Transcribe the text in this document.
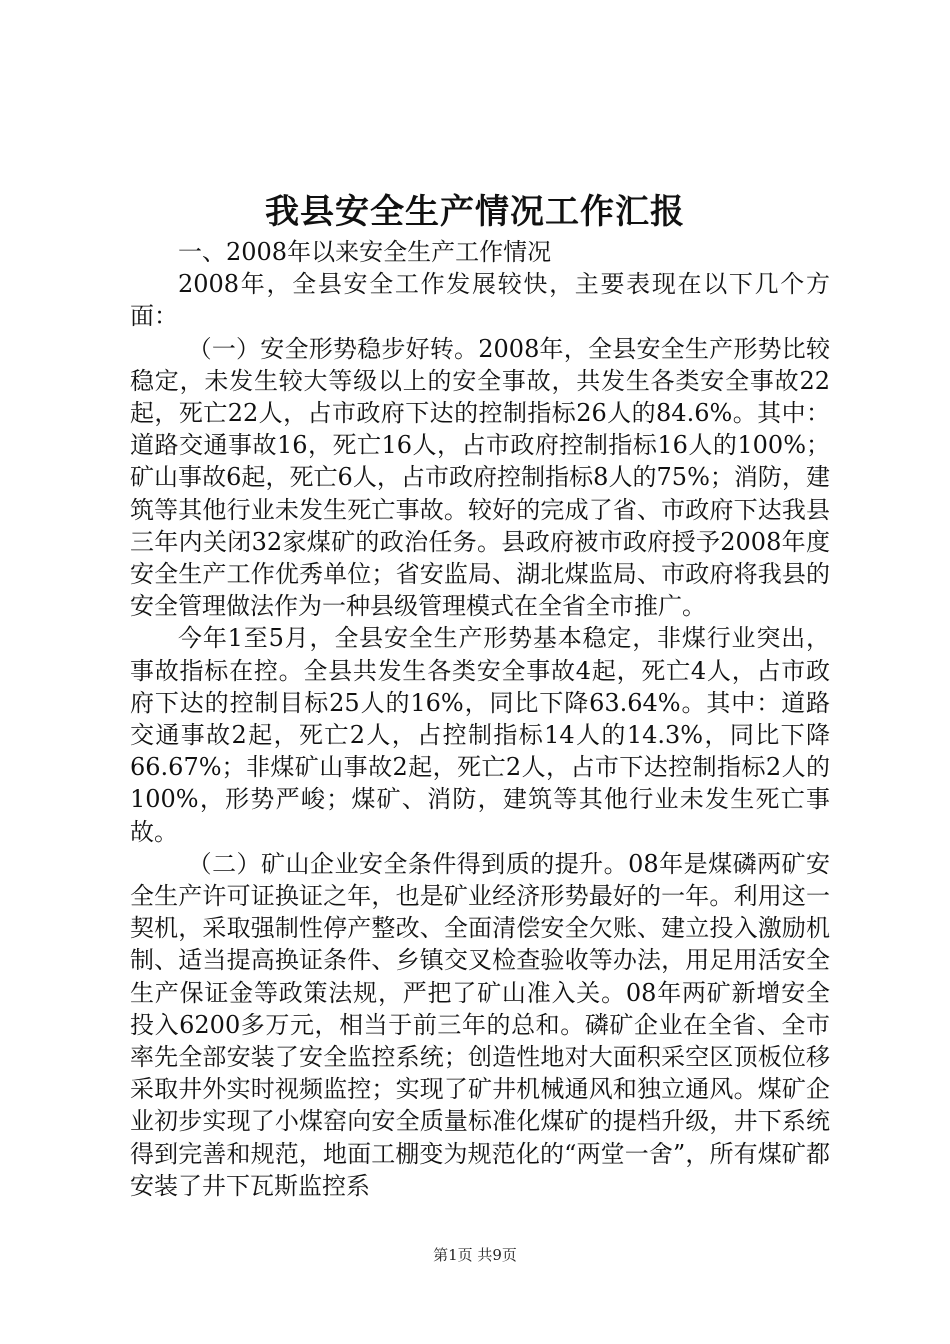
我县安全生产情况工作汇报

一、2008年以来安全生产工作情况

2008年，全县安全工作发展较快，主要表现在以下几个方面：

（一）安全形势稳步好转。2008年，全县安全生产形势比较稳定，未发生较大等级以上的安全事故，共发生各类安全事故22起，死亡22人，占市政府下达的控制指标26人的84.6%。其中：道路交通事故16，死亡16人，占市政府控制指标16人的100%；矿山事故6起，死亡6人，占市政府控制指标8人的75%；消防，建筑等其他行业未发生死亡事故。较好的完成了省、市政府下达我县三年内关闭32家煤矿的政治任务。县政府被市政府授予2008年度安全生产工作优秀单位；省安监局、湖北煤监局、市政府将我县的安全管理做法作为一种县级管理模式在全省全市推广。

今年1至5月，全县安全生产形势基本稳定，非煤行业突出，事故指标在控。全县共发生各类安全事故4起，死亡4人，占市政府下达的控制目标25人的16%，同比下降63.64%。其中：道路交通事故2起，死亡2人，占控制指标14人的14.3%，同比下降66.67%；非煤矿山事故2起，死亡2人，占市下达控制指标2人的100%，形势严峻；煤矿、消防，建筑等其他行业未发生死亡事故。

（二）矿山企业安全条件得到质的提升。08年是煤磷两矿安全生产许可证换证之年，也是矿业经济形势最好的一年。利用这一契机，采取强制性停产整改、全面清偿安全欠账、建立投入激励机制、适当提高换证条件、乡镇交叉检查验收等办法，用足用活安全生产保证金等政策法规，严把了矿山准入关。08年两矿新增安全投入6200多万元，相当于前三年的总和。磷矿企业在全省、全市率先全部安装了安全监控系统；创造性地对大面积采空区顶板位移采取井外实时视频监控；实现了矿井机械通风和独立通风。煤矿企业初步实现了小煤窑向安全质量标准化煤矿的提档升级，井下系统得到完善和规范，地面工棚变为规范化的“两堂一舍”，所有煤矿都安装了井下瓦斯监控系

第1页 共9页
